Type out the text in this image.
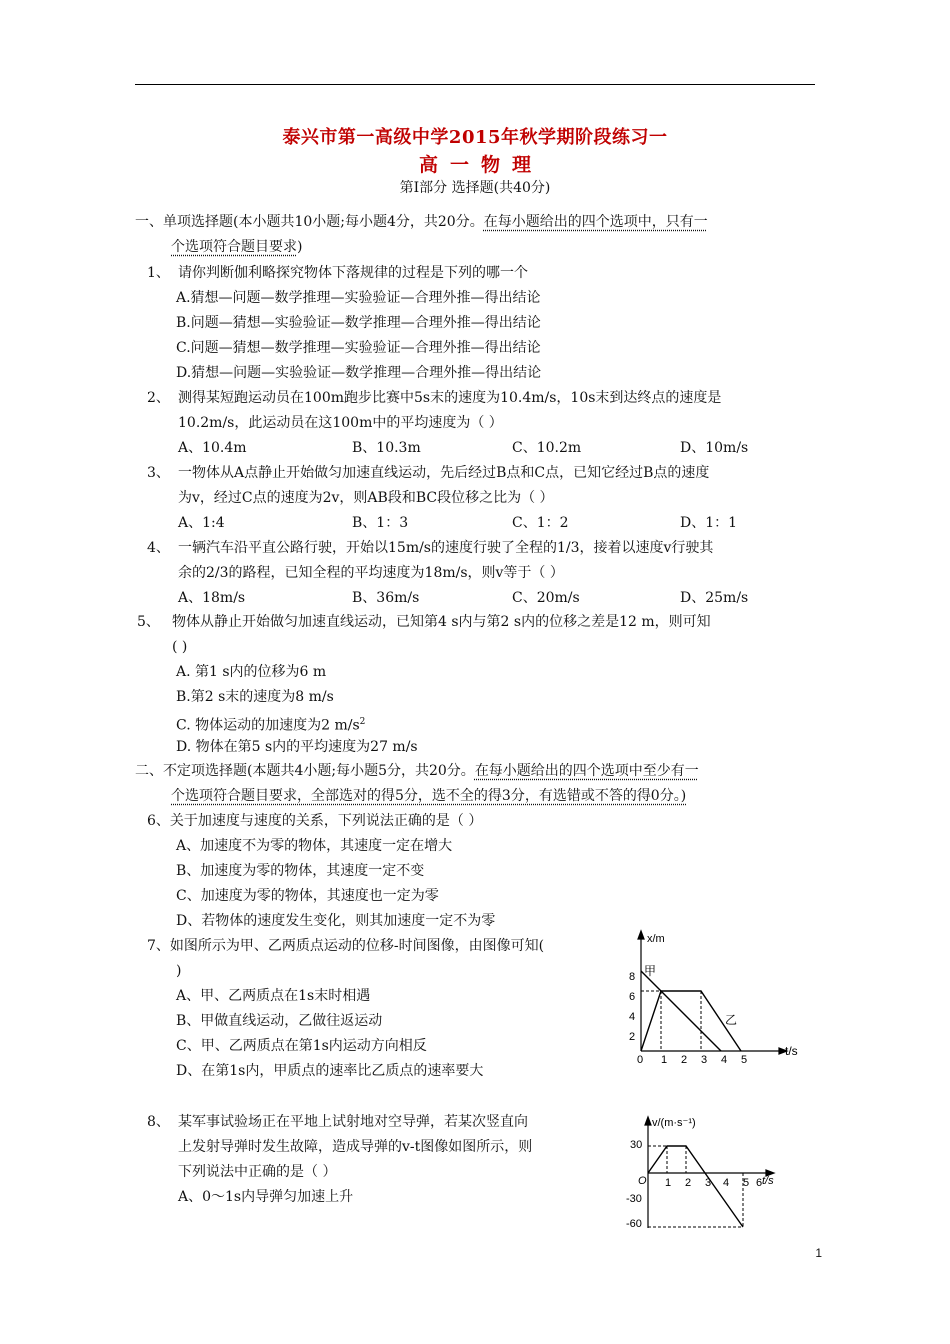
泰兴市第一高级中学2015年秋学期阶段练习一
高 一 物 理
第Ⅰ部分 选择题(共40分)
一、单项选择题(本小题共10小题;每小题4分，共20分。在每小题给出的四个选项中，只有一
个选项符合题目要求)
1、 请你判断伽利略探究物体下落规律的过程是下列的哪一个
A.猜想—问题—数学推理—实验验证—合理外推—得出结论
B.问题—猜想—实验验证—数学推理—合理外推—得出结论
C.问题—猜想—数学推理—实验验证—合理外推—得出结论
D.猜想—问题—实验验证—数学推理—合理外推—得出结论
2、 测得某短跑运动员在100m跑步比赛中5s末的速度为10.4m/s，10s末到达终点的速度是
10.2m/s，此运动员在这100m中的平均速度为（ ）
A、10.4m	B、10.3m	C、10.2m	D、10m/s
3、 一物体从A点静止开始做匀加速直线运动，先后经过B点和C点，已知它经过B点的速度
为v，经过C点的速度为2v，则AB段和BC段位移之比为（ ）
A、1:4	B、1：3	C、1：2	D、1：1
4、 一辆汽车沿平直公路行驶，开始以15m/s的速度行驶了全程的1/3，接着以速度v行驶其
余的2/3的路程，已知全程的平均速度为18m/s，则v等于（ ）
A、18m/s	B、36m/s	C、20m/s	D、25m/s
5、 物体从静止开始做匀加速直线运动，已知第4 s内与第2 s内的位移之差是12 m，则可知
( )
A. 第1 s内的位移为6 m
B.第2 s末的速度为8 m/s
C. 物体运动的加速度为2 $m/s^2$
D. 物体在第5 s内的平均速度为27 m/s
二、不定项选择题(本题共4小题;每小题5分，共20分。在每小题给出的四个选项中至少有一
个选项符合题目要求，全部选对的得5分，选不全的得3分，有选错或不答的得0分。)
6、关于加速度与速度的关系，下列说法正确的是（ ）
A、加速度不为零的物体，其速度一定在增大
B、加速度为零的物体，其速度一定不变
C、加速度为零的物体，其速度也一定为零
D、若物体的速度发生变化，则其加速度一定不为零
7、如图所示为甲、乙两质点运动的位移-时间图像，由图像可知(
)
A、甲、乙两质点在1s末时相遇
B、甲做直线运动，乙做往返运动
C、甲、乙两质点在第1s内运动方向相反
D、在第1s内，甲质点的速率比乙质点的速率要大
x/m
t/s
8
6
4
2
0 1 2 3 4 5
甲
乙
8、 某军事试验场正在平地上试射地对空导弹，若某次竖直向
上发射导弹时发生故障，造成导弹的v-t图像如图所示，则
下列说法中正确的是（ ）
A、0～1s内导弹匀加速上升
v/(m·s⁻¹)
t/s
30
O
-30
-60
1 2 3 4 5 6
1
